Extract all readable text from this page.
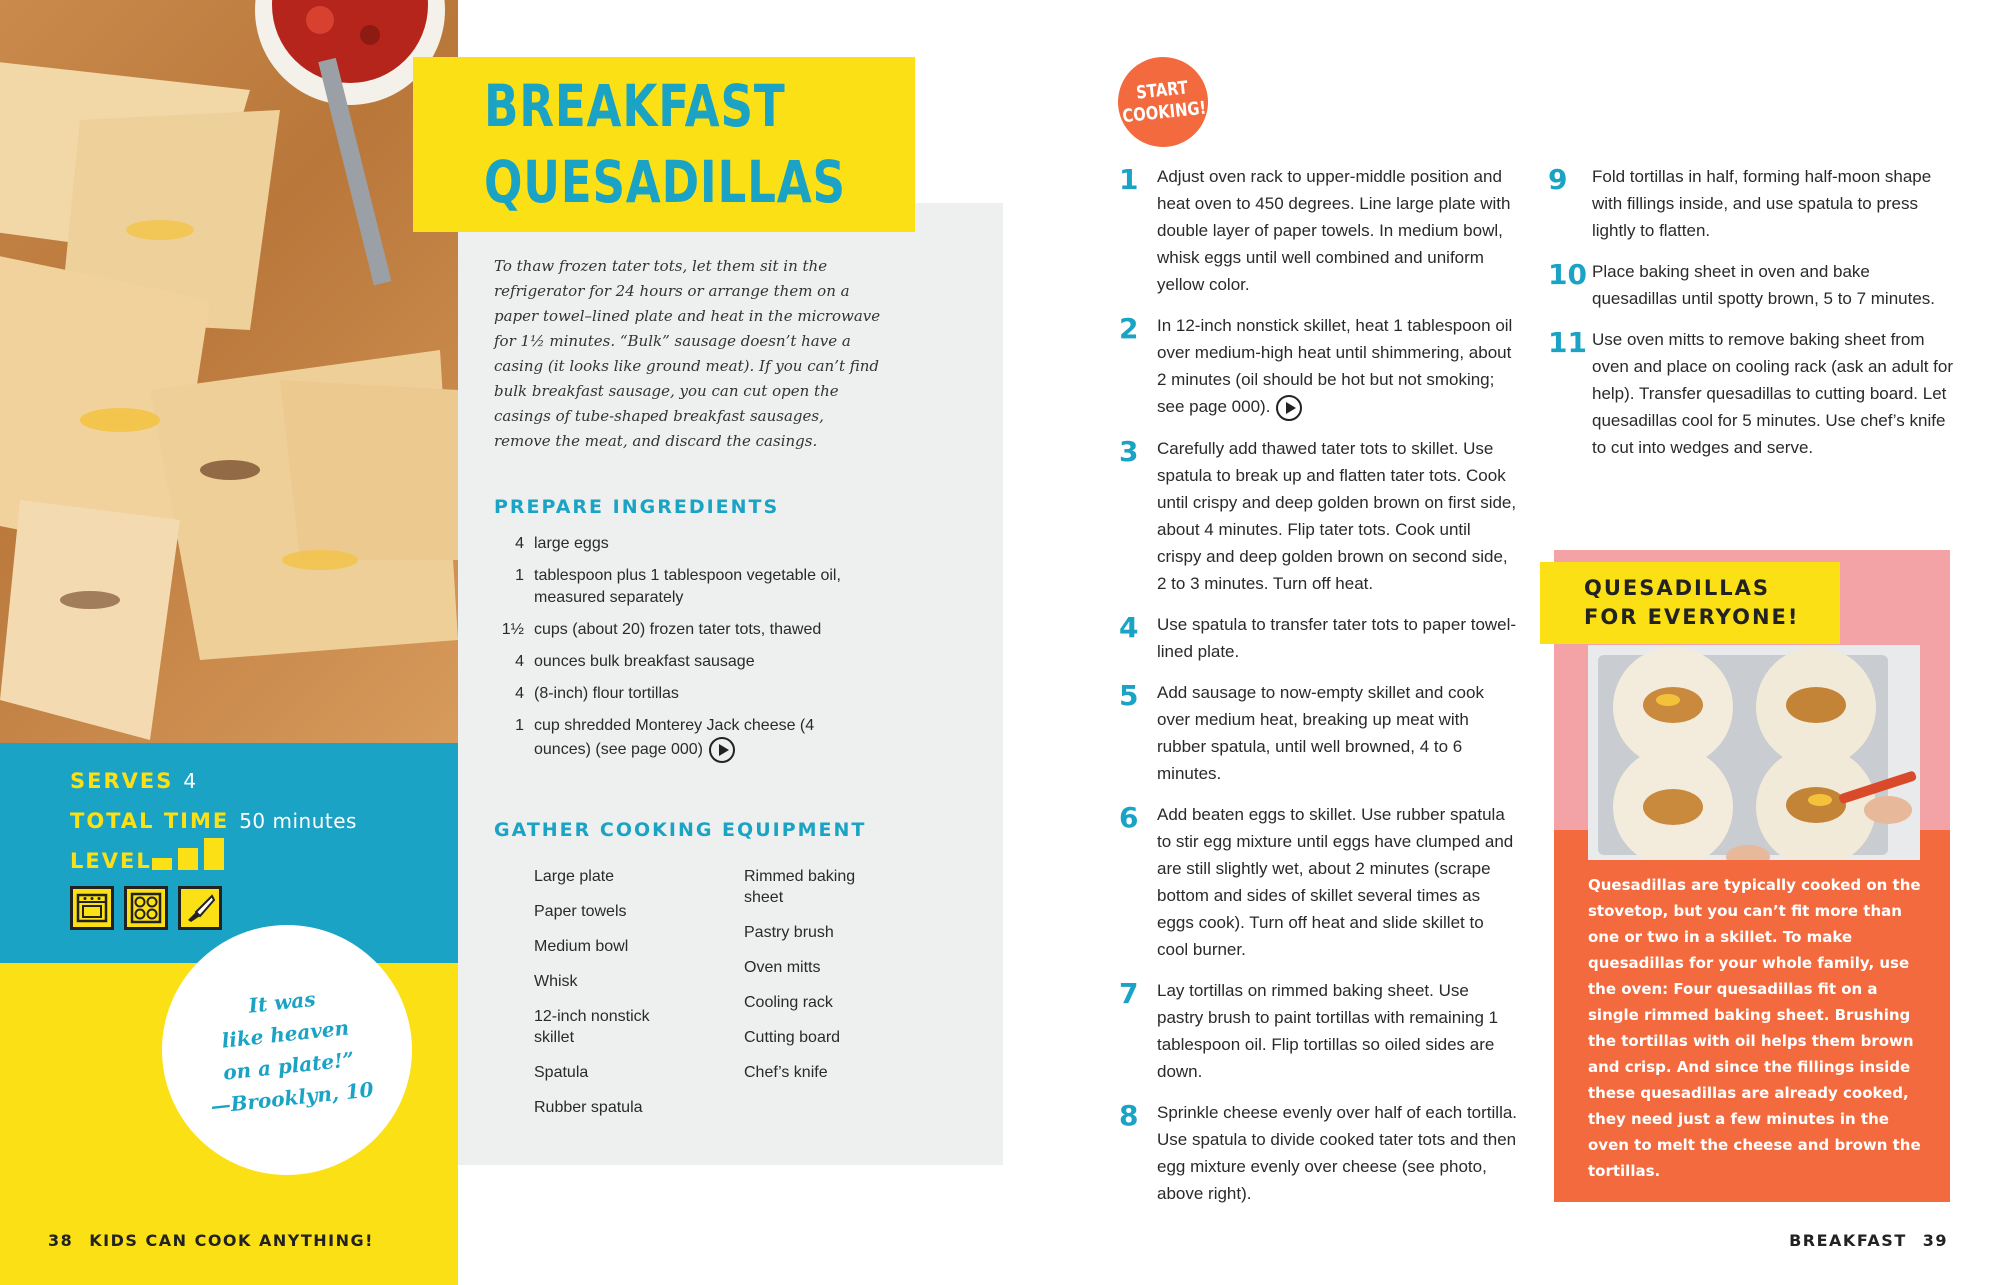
SERVES 4
TOTAL TIME 50 minutes
LEVEL
It was
like heaven
on a plate!”
—Brooklyn, 10
38 KIDS CAN COOK ANYTHING!
BREAKFAST
QUESADILLAS

To thaw frozen tater tots, let them sit in the refrigerator for 24 hours or arrange them on a paper towel–lined plate and heat in the microwave for 1½ minutes. “Bulk” sausage doesn’t have a casing (it looks like ground meat). If you can’t find bulk breakfast sausage, you can cut open the casings of tube-shaped breakfast sausages, remove the meat, and discard the casings.

PREPARE INGREDIENTS
4 large eggs
1 tablespoon plus 1 tablespoon vegetable oil, measured separately
1½ cups (about 20) frozen tater tots, thawed
4 ounces bulk breakfast sausage
4 (8-inch) flour tortillas
1 cup shredded Monterey Jack cheese (4 ounces) (see page 000)
GATHER COOKING EQUIPMENT
Large plate
Paper towels
Medium bowl
Whisk
12-inch nonstick skillet
Spatula
Rubber spatula
Rimmed baking sheet
Pastry brush
Oven mitts
Cooling rack
Cutting board
Chef’s knife
START
COOKING!
1 Adjust oven rack to upper-middle position and heat oven to 450 degrees. Line large plate with double layer of paper towels. In medium bowl, whisk eggs until well combined and uniform yellow color.
2 In 12-inch nonstick skillet, heat 1 tablespoon oil over medium-high heat until shimmering, about 2 minutes (oil should be hot but not smoking; see page 000).
3 Carefully add thawed tater tots to skillet. Use spatula to break up and flatten tater tots. Cook until crispy and deep golden brown on first side, about 4 minutes. Flip tater tots. Cook until crispy and deep golden brown on second side, 2 to 3 minutes. Turn off heat.
4 Use spatula to transfer tater tots to paper towel-lined plate.
5 Add sausage to now-empty skillet and cook over medium heat, breaking up meat with rubber spatula, until well browned, 4 to 6 minutes.
6 Add beaten eggs to skillet. Use rubber spatula to stir egg mixture until eggs have clumped and are still slightly wet, about 2 minutes (scrape bottom and sides of skillet several times as eggs cook). Turn off heat and slide skillet to cool burner.
7 Lay tortillas on rimmed baking sheet. Use pastry brush to paint tortillas with remaining 1 tablespoon oil. Flip tortillas so oiled sides are down.
8 Sprinkle cheese evenly over half of each tortilla. Use spatula to divide cooked tater tots and then egg mixture evenly over cheese (see photo, above right).
9 Fold tortillas in half, forming half-moon shape with fillings inside, and use spatula to press lightly to flatten.
10 Place baking sheet in oven and bake quesadillas until spotty brown, 5 to 7 minutes.
11 Use oven mitts to remove baking sheet from oven and place on cooling rack (ask an adult for help). Transfer quesadillas to cutting board. Let quesadillas cool for 5 minutes. Use chef’s knife to cut into wedges and serve.
QUESADILLAS
FOR EVERYONE!

Quesadillas are typically cooked on the stovetop, but you can’t fit more than one or two in a skillet. To make quesadillas for your whole family, use the oven: Four quesadillas fit on a single rimmed baking sheet. Brushing the tortillas with oil helps them brown and crisp. And since the fillings inside these quesadillas are already cooked, they need just a few minutes in the oven to melt the cheese and brown the tortillas.

BREAKFAST 39
